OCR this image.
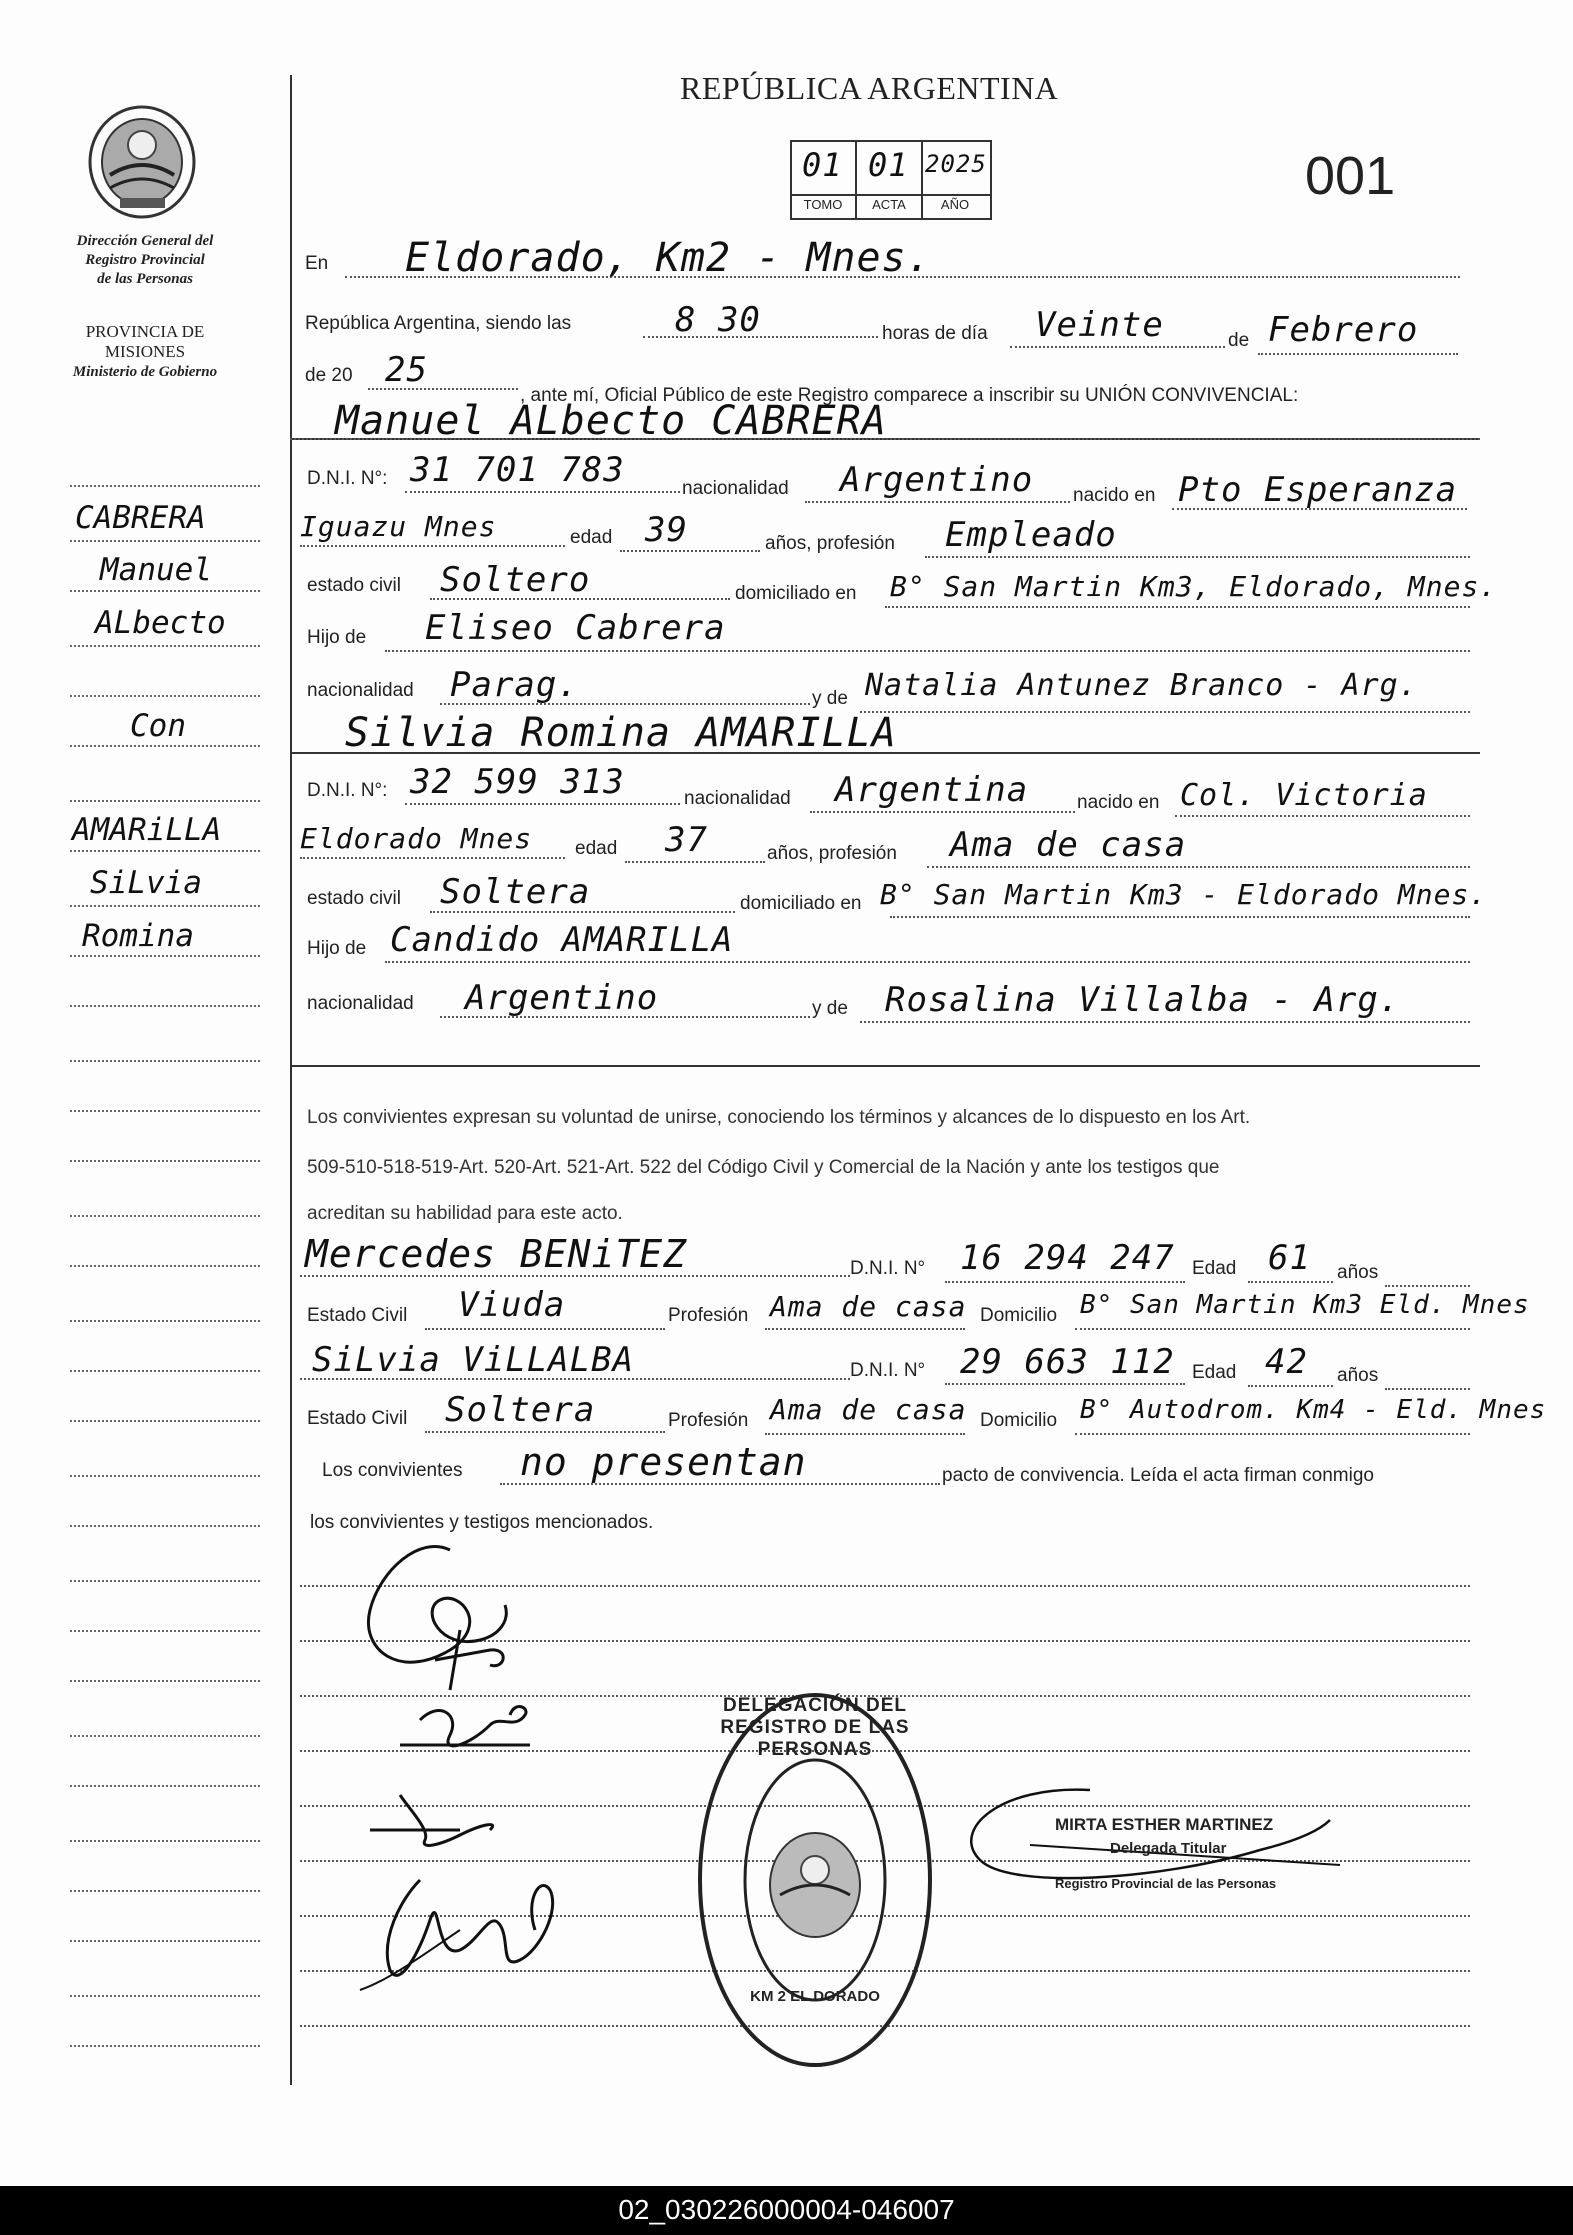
Dirección General del
Registro Provincial
de las Personas
PROVINCIA DE
MISIONES
Ministerio de Gobierno
CABRERA
Manuel
ALbecto
Con
AMARiLLA
SiLvia
Romina
REPÚBLICA ARGENTINA
001
01 01 2025
TOMO	ACTA	AÑO
En Eldorado, Km2 - Mnes.
República Argentina, siendo las	8 30	horas de día Veinte	de Febrero
de 20 25
, ante mí, Oficial Público de este Registro comparece a inscribir su UNIÓN CONVIVENCIAL:
Manuel ALbecto CABRERA
D.N.I. N°: 31 701 783	nacionalidad Argentino nacido en Pto Esperanza
Iguazu Mnes	edad 39	años, profesión Empleado
estado civil Soltero	domiciliado en B° San Martin Km3, Eldorado, Mnes.
Hijo de Eliseo Cabrera
nacionalidad Parag.	y de Natalia Antunez Branco - Arg.
Silvia Romina AMARILLA
D.N.I. N°: 32 599 313	nacionalidad Argentina	nacido en Col. Victoria
Eldorado Mnes edad 37	años, profesión Ama de casa
estado civil Soltera	domiciliado en B° San Martin Km3 - Eldorado Mnes.
Hijo de Candido AMARILLA
nacionalidad Argentino	y de Rosalina Villalba - Arg.
Los convivientes expresan su voluntad de unirse, conociendo los términos y alcances de lo dispuesto en los Art.
509-510-518-519-Art. 520-Art. 521-Art. 522 del Código Civil y Comercial de la Nación y ante los testigos que
acreditan su habilidad para este acto.
Mercedes BENiTEZ	D.N.I. N° 16 294 247 Edad 61 años
Estado Civil Viuda	Profesión Ama de casa Domicilio B° San Martin Km3 Eld. Mnes
SiLvia ViLLALBA	D.N.I. N° 29 663 112 Edad 42 años
Estado Civil Soltera	Profesión Ama de casa Domicilio B° Autodrom. Km4 - Eld. Mnes
Los convivientes no presentan	pacto de convivencia. Leída el acta firman conmigo
los convivientes y testigos mencionados.
DELEGACIÓN DEL REGISTRO DE LAS PERSONAS
KM 2 EL DORADO
MIRTA ESTHER MARTINEZ
Delegada Titular
Registro Provincial de las Personas
02_030226000004-046007
